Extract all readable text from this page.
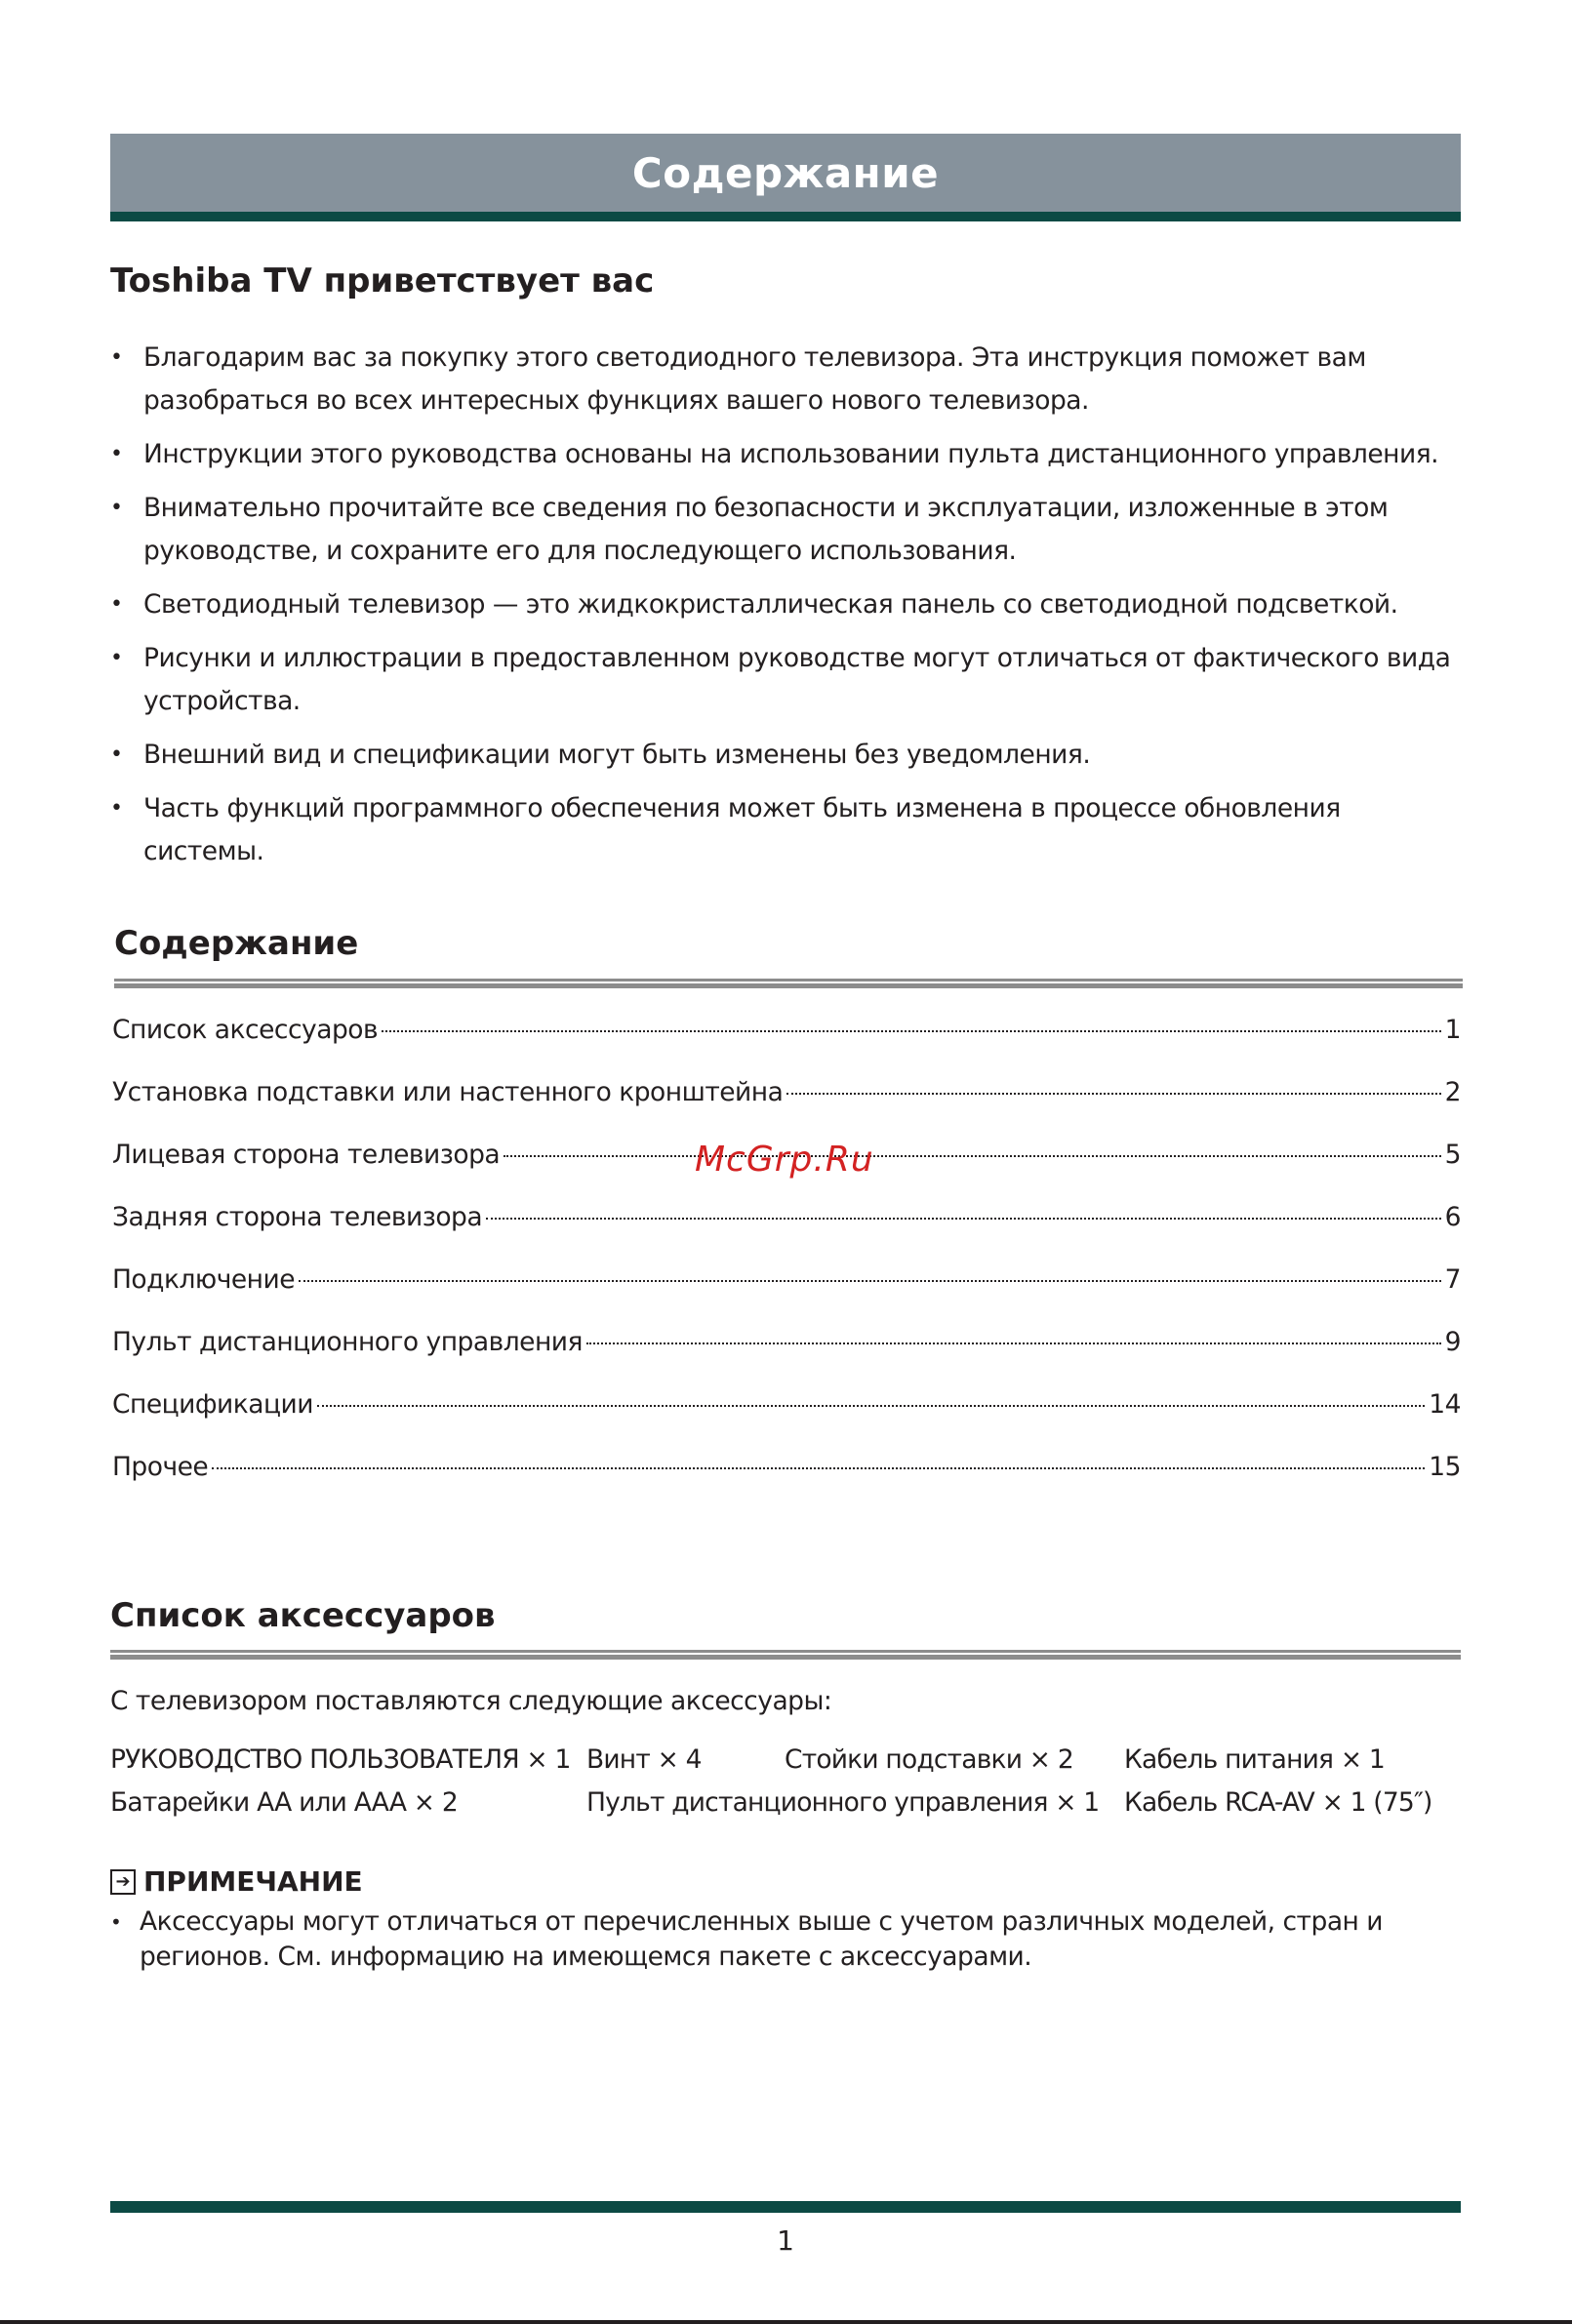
Содержание
Toshiba TV приветствует вас
• Благодарим вас за покупку этого светодиодного телевизора. Эта инструкция поможет вам разобраться во всех интересных функциях вашего нового телевизора.
• Инструкции этого руководства основаны на использовании пульта дистанционного управления.
• Внимательно прочитайте все сведения по безопасности и эксплуатации, изложенные в этом руководстве, и сохраните его для последующего использования.
• Светодиодный телевизор — это жидкокристаллическая панель со светодиодной подсветкой.
• Рисунки и иллюстрации в предоставленном руководстве могут отличаться от фактического вида устройства.
• Внешний вид и спецификации могут быть изменены без уведомления.
• Часть функций программного обеспечения может быть изменена в процессе обновления системы.
Содержание
Список аксессуаров	1
Установка подставки или настенного кронштейна	2
Лицевая сторона телевизора	5
Задняя сторона телевизора	6
Подключение	7
Пульт дистанционного управления	9
Спецификации	14
Прочее	15
McGrp.Ru
Список аксессуаров
С телевизором поставляются следующие аксессуары:
РУКОВОДСТВО ПОЛЬЗОВАТЕЛЯ × 1 Винт × 4	Стойки подставки × 2 Кабель питания × 1
Батарейки AA или AAA × 2	Пульт дистанционного управления × 1 Кабель RCA-AV × 1 (75″)
➔ ПРИМЕЧАНИЕ
• Аксессуары могут отличаться от перечисленных выше с учетом различных моделей, стран и регионов. См. информацию на имеющемся пакете с аксессуарами.
1
